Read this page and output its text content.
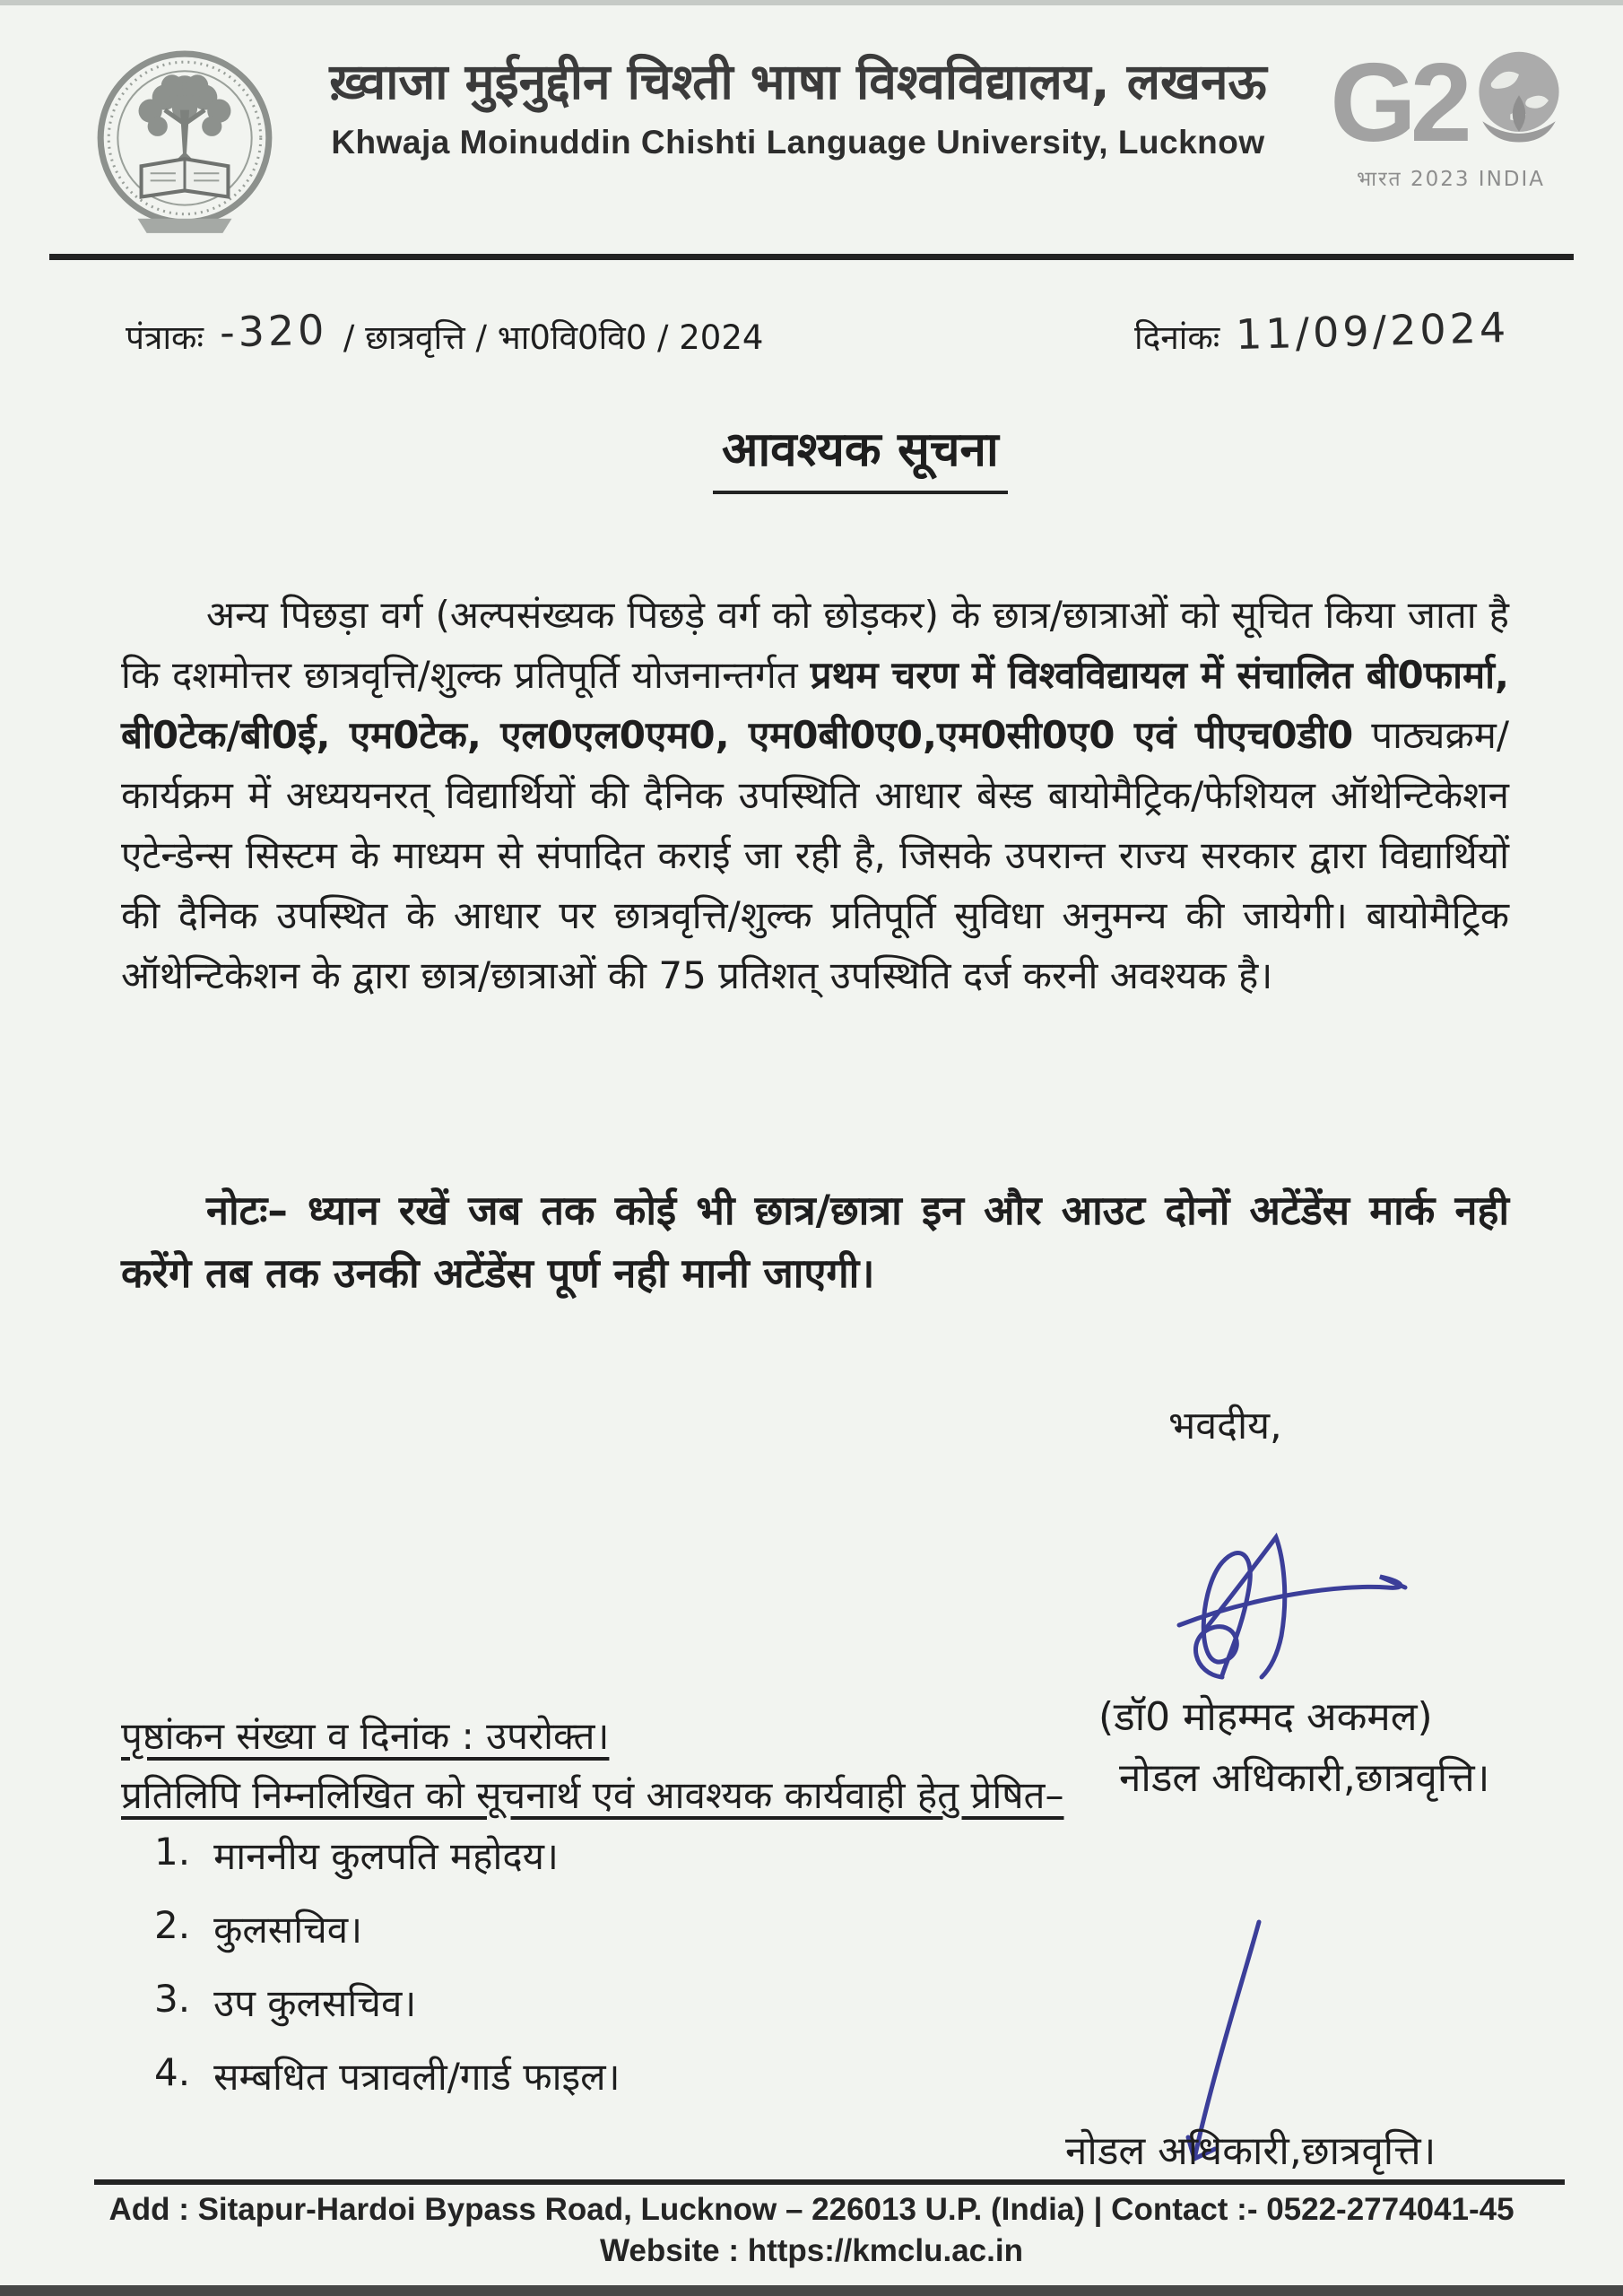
ख़्वाजा मुईनुद्दीन चिश्ती भाषा विश्वविद्यालय, लखनऊ
Khwaja Moinuddin Chishti Language University, Lucknow G2
भारत 2023 INDIA
पंत्राकः -320 / छात्रवृत्ति / भा0वि0वि0 / 2024	दिनांकः 11/09/2024
आवश्यक सूचना

अन्य पिछड़ा वर्ग (अल्पसंख्यक पिछड़े वर्ग को छोड़कर) के छात्र/छात्राओं को सूचित किया जाता है कि दशमोत्तर छात्रवृत्ति/शुल्क प्रतिपूर्ति योजनान्तर्गत प्रथम चरण में विश्वविद्यायल में संचालित बी0फार्मा, बी0टेक/बी0ई, एम0टेक, एल0एल0एम0, एम0बी0ए0,एम0सी0ए0 एवं पीएच0डी0 पाठ्यक्रम/कार्यक्रम में अध्ययनरत् विद्यार्थियों की दैनिक उपस्थिति आधार बेस्ड बायोमैट्रिक/फेशियल ऑथेन्टिकेशन एटेन्डेन्स सिस्टम के माध्यम से संपादित कराई जा रही है, जिसके उपरान्त राज्य सरकार द्वारा विद्यार्थियों की दैनिक उपस्थित के आधार पर छात्रवृत्ति/शुल्क प्रतिपूर्ति सुविधा अनुमन्य की जायेगी। बायोमैट्रिक ऑथेन्टिकेशन के द्वारा छात्र/छात्राओं की 75 प्रतिशत् उपस्थिति दर्ज करनी अवश्यक है।

नोटः– ध्यान रखें जब तक कोई भी छात्र/छात्रा इन और आउट दोनों अटेंडेंस मार्क नही करेंगे तब तक उनकी अटेंडेंस पूर्ण नही मानी जाएगी।

भवदीय,
(डॉ0 मोहम्मद अकमल)
नोडल अधिकारी,छात्रवृत्ति।
पृष्ठांकन संख्या व दिनांक : उपरोक्त।
प्रतिलिपि निम्नलिखित को सूचनार्थ एवं आवश्यक कार्यवाही हेतु प्रेषित–
1. माननीय कुलपति महोदय।
2. कुलसचिव।
3. उप कुलसचिव।
4. सम्बधित पत्रावली/गार्ड फाइल।
नोडल अधिकारी,छात्रवृत्ति।
Add : Sitapur-Hardoi Bypass Road, Lucknow – 226013 U.P. (India) | Contact :- 0522-2774041-45
Website : https://kmclu.ac.in
